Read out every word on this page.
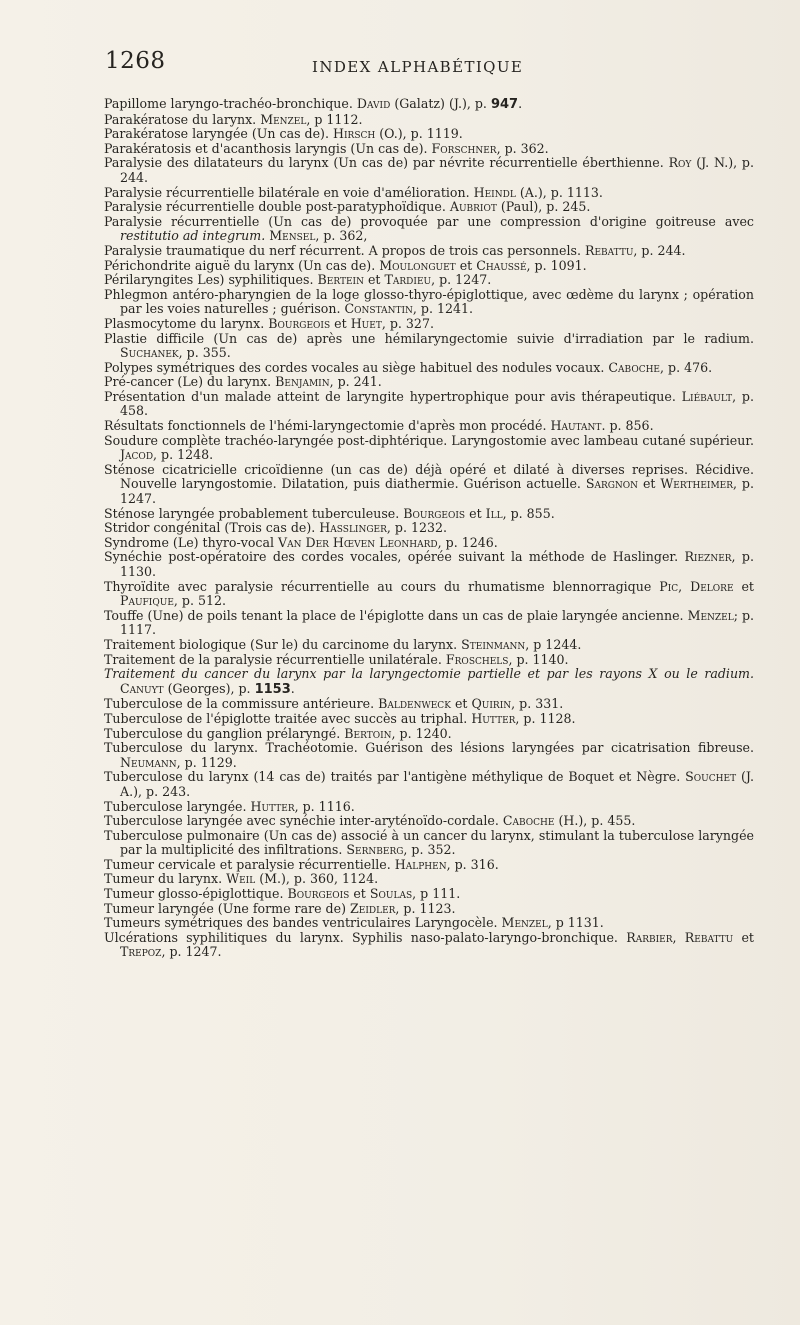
1268	INDEX ALPHABÉTIQUE
Papillome laryngo-trachéo-bronchique. David (Galatz) (J.), p. 947.
Parakératose du larynx. Menzel, p 1112.
Parakératose laryngée (Un cas de). Hirsch (O.), p. 1119.
Parakératosis et d'acanthosis laryngis (Un cas de). Forschner, p. 362.
Paralysie des dilatateurs du larynx (Un cas de) par névrite récurrentielle éberthienne. Roy (J. N.), p. 244.
Paralysie récurrentielle bilatérale en voie d'amélioration. Heindl (A.), p. 1113.
Paralysie récurrentielle double post-paratyphoïdique. Aubriot (Paul), p. 245.
Paralysie récurrentielle (Un cas de) provoquée par une compression d'origine goitreuse avec restitutio ad integrum. Mensel, p. 362,
Paralysie traumatique du nerf récurrent. A propos de trois cas personnels. Rebattu, p. 244.
Périchondrite aiguë du larynx (Un cas de). Moulonguet et Chaussé, p. 1091.
Périlaryngites Les) syphilitiques. Bertein et Tardieu, p. 1247.
Phlegmon antéro-pharyngien de la loge glosso-thyro-épiglottique, avec œdème du larynx ; opération par les voies naturelles ; guérison. Constantin, p. 1241.
Plasmocytome du larynx. Bourgeois et Huet, p. 327.
Plastie difficile (Un cas de) après une hémilaryngectomie suivie d'irradiation par le radium. Suchanek, p. 355.
Polypes symétriques des cordes vocales au siège habituel des nodules vocaux. Caboche, p. 476.
Pré-cancer (Le) du larynx. Benjamin, p. 241.
Présentation d'un malade atteint de laryngite hypertrophique pour avis thérapeutique. Liébault, p. 458.
Résultats fonctionnels de l'hémi-laryngectomie d'après mon procédé. Hautant. p. 856.
Soudure complète trachéo-laryngée post-diphtérique. Laryngostomie avec lambeau cutané supérieur. Jacod, p. 1248.
Sténose cicatricielle cricoïdienne (un cas de) déjà opéré et dilaté à diverses reprises. Récidive. Nouvelle laryngostomie. Dilatation, puis diathermie. Guérison actuelle. Sargnon et Wertheimer, p. 1247.
Sténose laryngée probablement tuberculeuse. Bourgeois et Ill, p. 855.
Stridor congénital (Trois cas de). Hasslinger, p. 1232.
Syndrome (Le) thyro-vocal Van Der Hœven Leonhard, p. 1246.
Synéchie post-opératoire des cordes vocales, opérée suivant la méthode de Haslinger. Riezner, p. 1130.
Thyroïdite avec paralysie récurrentielle au cours du rhumatisme blennorragique Pic, Delore et Paufique, p. 512.
Touffe (Une) de poils tenant la place de l'épiglotte dans un cas de plaie laryngée ancienne. Menzel; p. 1117.
Traitement biologique (Sur le) du carcinome du larynx. Steinmann, p 1244.
Traitement de la paralysie récurrentielle unilatérale. Froschels, p. 1140.
Traitement du cancer du larynx par la laryngectomie partielle et par les rayons X ou le radium. Canuyt (Georges), p. 1153.
Tuberculose de la commissure antérieure. Baldenweck et Quirin, p. 331.
Tuberculose de l'épiglotte traitée avec succès au triphal. Hutter, p. 1128.
Tuberculose du ganglion prélaryngé. Bertoin, p. 1240.
Tuberculose du larynx. Trachéotomie. Guérison des lésions laryngées par cicatrisation fibreuse. Neumann, p. 1129.
Tuberculose du larynx (14 cas de) traités par l'antigène méthylique de Boquet et Nègre. Souchet (J. A.), p. 243.
Tuberculose laryngée. Hutter, p. 1116.
Tuberculose laryngée avec synéchie inter-aryténoïdo-cordale. Caboche (H.), p. 455.
Tuberculose pulmonaire (Un cas de) associé à un cancer du larynx, stimulant la tuberculose laryngée par la multiplicité des infiltrations. Sernberg, p. 352.
Tumeur cervicale et paralysie récurrentielle. Halphen, p. 316.
Tumeur du larynx. Weil (M.), p. 360, 1124.
Tumeur glosso-épiglottique. Bourgeois et Soulas, p 111.
Tumeur laryngée (Une forme rare de) Zeidler, p. 1123.
Tumeurs symétriques des bandes ventriculaires Laryngocèle. Menzel, p 1131.
Ulcérations syphilitiques du larynx. Syphilis naso-palato-laryngo-bronchique. Rarbier, Rebattu et Trepoz, p. 1247.
